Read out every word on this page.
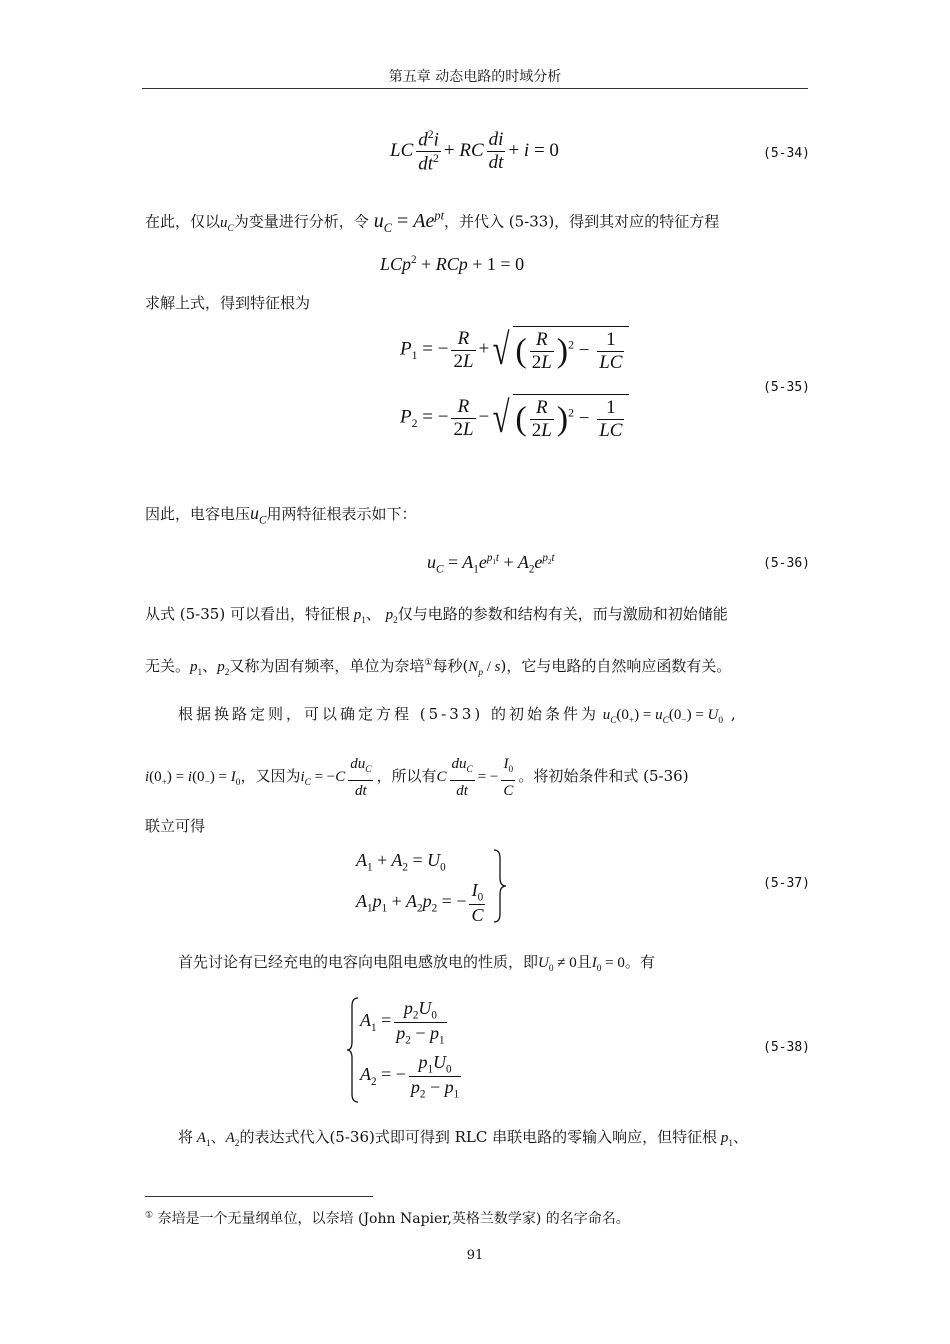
第五章 动态电路的时域分析
LC $\frac{d^2i}{dt^2}$ + RC $\frac{di}{dt} + i = 0$	(5-34)
在此，仅以$u_C$为变量进行分析，令 $u_C = Ae^{pt}$，并代入 (5-33)，得到其对应的特征方程
LCp$^2$ + RCp + 1 = 0
求解上式，得到特征根为
$P_1$ = − $\frac{R}{2L}$ +√ ( $\frac{R}{2L} )^2 - \frac{1}{LC}$
(5-35)
$P_2$ = − $\frac{R}{2L}$ −√ ( $\frac{R}{2L} )^2 - \frac{1}{LC}$
因此，电容电压$u_C$用两特征根表示如下：
$u_C = A_1e^{p_1t} + A_2e^{p_2t}$	(5-36)
从式 (5-35) 可以看出，特征根 $p_1$、 $p_2$仅与电路的参数和结构有关，而与激励和初始储能
无关。$p_1$、$p_2$又称为固有频率，单位为奈培①每秒$(N_p / s)$，它与电路的自然响应函数有关。
根据换路定则，可以确定方程 (5-33) 的初始条件为 $u_C(0_+) = u_C(0_-) = U_0$ ,
$i(0_+) = i(0_-) = I_0$，又因为$i_C = -C \frac{du_C}{dt}$ ，所以有C $\frac{du_C}{dt}$ = − $\frac{I_0}{C}$ 。将初始条件和式 (5-36)
联立可得
$A_1 + A_2 = U_0$
$A_1p_1 + A_2p_2$ = − $\frac{I_0}{C}$	(5-37)
首先讨论有已经充电的电容向电阻电感放电的性质，即$U_0 \ne 0$且$I_0 = 0$。有
$A_1 = \frac{p_2U_0}{p_2 - p_1}$
(5-38)
$A_2$ = − $\frac{p_1U_0}{p_2 - p_1}$
将 $A_1$、$A_2$的表达式代入(5-36)式即可得到 RLC 串联电路的零输入响应，但特征根 $p_1$、
① 奈培是一个无量纲单位，以奈培 (John Napier,英格兰数学家) 的名字命名。
91
